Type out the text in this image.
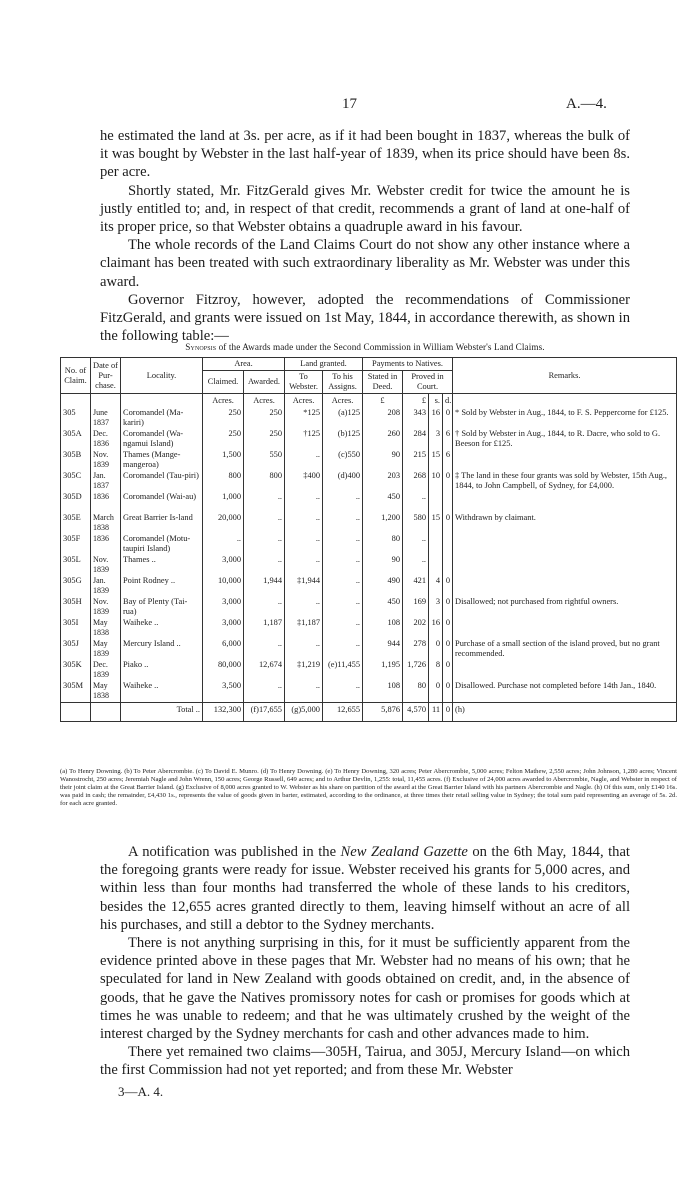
17	A.—4.

he estimated the land at 3s. per acre, as if it had been bought in 1837, whereas the bulk of it was bought by Webster in the last half-year of 1839, when its price should have been 8s. per acre.

Shortly stated, Mr. FitzGerald gives Mr. Webster credit for twice the amount he is justly entitled to; and, in respect of that credit, recommends a grant of land at one-half of its proper price, so that Webster obtains a quadruple award in his favour.

The whole records of the Land Claims Court do not show any other instance where a claimant has been treated with such extraordinary liberality as Mr. Webster was under this award.

Governor Fitzroy, however, adopted the recommendations of Commissioner FitzGerald, and grants were issued on 1st May, 1844, in accordance therewith, as shown in the following table:—

Synopsis of the Awards made under the Second Commission in William Webster's Land Claims.
No. of Claim.	Date of Pur-chase.	Locality.	Area.		Land granted.		Payments to Natives.				Remarks.
			Claimed.	Awarded.	To Webster.	To his Assigns.	Stated in Deed.	Proved in Court.			
			Acres.	Acres.	Acres.	Acres.	£	£	s.	d.	
305	June 1837	Coromandel (Ma-kariri)	250	250	*125	(a)125	208	343	16	0	* Sold by Webster in Aug., 1844, to F. S. Peppercorne for £125.
305A	Dec. 1836	Coromandel (Wa-ngamui Island)	250	250	†125	(b)125	260	284	3	6	† Sold by Webster in Aug., 1844, to R. Dacre, who sold to G. Beeson for £125.
305B	Nov. 1839	Thames (Mange-mangeroa)	1,500	550	..	(c)550	90	215	15	6	
305C	Jan. 1837	Coromandel (Tau-piri)	800	800	‡400	(d)400	203	268	10	0	‡ The land in these four grants was sold by Webster, 15th Aug., 1844, to John Campbell, of Sydney, for £4,000.
305D	1836	Coromandel (Wai-au)	1,000	..	..	..	450	..			
305E	March 1838	Great Barrier Is-land	20,000	..	..	..	1,200	580	15	0	Withdrawn by claimant.
305F	1836	Coromandel (Motu-taupiri Island)	..	..	..	..	80	..			
305L	Nov. 1839	Thames ..	3,000	..	..	..	90	..			
305G	Jan. 1839	Point Rodney ..	10,000	1,944	‡1,944	..	490	421	4	0	
305H	Nov. 1839	Bay of Plenty (Tai-rua)	3,000	..	..	..	450	169	3	0	Disallowed; not purchased from rightful owners.
305I	May 1838	Waiheke ..	3,000	1,187	‡1,187	..	108	202	16	0	
305J	May 1839	Mercury Island ..	6,000	..	..	..	944	278	0	0	Purchase of a small section of the island proved, but no grant recommended.
305K	Dec. 1839	Piako ..	80,000	12,674	‡1,219	(e)11,455	1,195	1,726	8	0	
305M	May 1838	Waiheke ..	3,500	..	..	..	108	80	0	0	Disallowed. Purchase not completed before 14th Jan., 1840.
		Total ..	132,300	(f)17,655	(g)5,000	12,655	5,876	4,570	11	0	(h)
(a) To Henry Downing. (b) To Peter Abercrombie. (c) To David E. Munro. (d) To Henry Downing. (e) To Henry Downing, 320 acres; Peter Abercrombie, 5,000 acres; Felton Mathew, 2,550 acres; John Johnson, 1,280 acres; Vincent Wanostrocht, 250 acres; Jeremiah Nagle and John Wrenn, 150 acres; George Russell, 649 acres; and to Arthur Devlin, 1,255: total, 11,455 acres. (f) Exclusive of 24,000 acres awarded to Abercrombie, Nagle, and Webster in respect of their joint claim at the Great Barrier Island. (g) Exclusive of 8,000 acres granted to W. Webster as his share on partition of the award at the Great Barrier Island with his partners Abercrombie and Nagle. (h) Of this sum, only £140 16s. was paid in cash; the remainder, £4,430 1s., represents the value of goods given in barter, estimated, according to the ordinance, at three times their retail selling value in Sydney; the total sum paid representing an average of 5s. 2d. for each acre granted.

A notification was published in the New Zealand Gazette on the 6th May, 1844, that the foregoing grants were ready for issue. Webster received his grants for 5,000 acres, and within less than four months had transferred the whole of these lands to his creditors, besides the 12,655 acres granted directly to them, leaving himself without an acre of all his purchases, and still a debtor to the Sydney merchants.

There is not anything surprising in this, for it must be sufficiently apparent from the evidence printed above in these pages that Mr. Webster had no means of his own; that he speculated for land in New Zealand with goods obtained on credit, and, in the absence of goods, that he gave the Natives promissory notes for cash or promises for goods which at times he was unable to redeem; and that he was ultimately crushed by the weight of the interest charged by the Sydney merchants for cash and other advances made to him.

There yet remained two claims—305H, Tairua, and 305J, Mercury Island—on which the first Commission had not yet reported; and from these Mr. Webster

3—A. 4.
